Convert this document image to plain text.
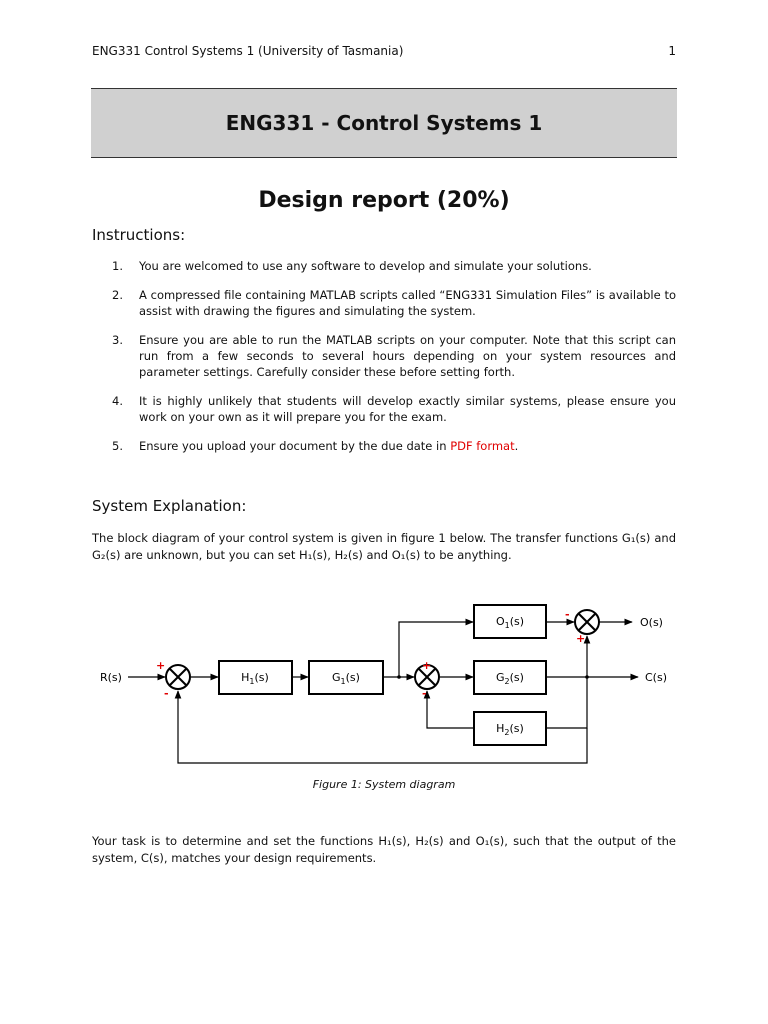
ENG331 Control Systems 1 (University of Tasmania)	1
ENG331 - Control Systems 1
Design report (20%)
Instructions:
1.	You are welcomed to use any software to develop and simulate your solutions.
2.	A compressed file containing MATLAB scripts called “ENG331 Simulation Files” is available to assist with drawing the figures and simulating the system.
3.	Ensure you are able to run the MATLAB scripts on your computer. Note that this script can run from a few seconds to several hours depending on your system resources and parameter settings. Carefully consider these before setting forth.
4.	It is highly unlikely that students will develop exactly similar systems, please ensure you work on your own as it will prepare you for the exam.
5.	Ensure you upload your document by the due date in PDF format.
System Explanation:
The block diagram of your control system is given in figure 1 below. The transfer functions G₁(s) and G₂(s) are unknown, but you can set H₁(s), H₂(s) and O₁(s) to be anything.
$H_1(s)$	$G_1(s)$
$O_1(s)$
$G_2(s)$
$H_2(s)$
R(s)	C(s)
O(s)
+
-
+
-
-
+
Figure 1: System diagram
Your task is to determine and set the functions H₁(s), H₂(s) and O₁(s), such that the output of the system, C(s), matches your design requirements.
